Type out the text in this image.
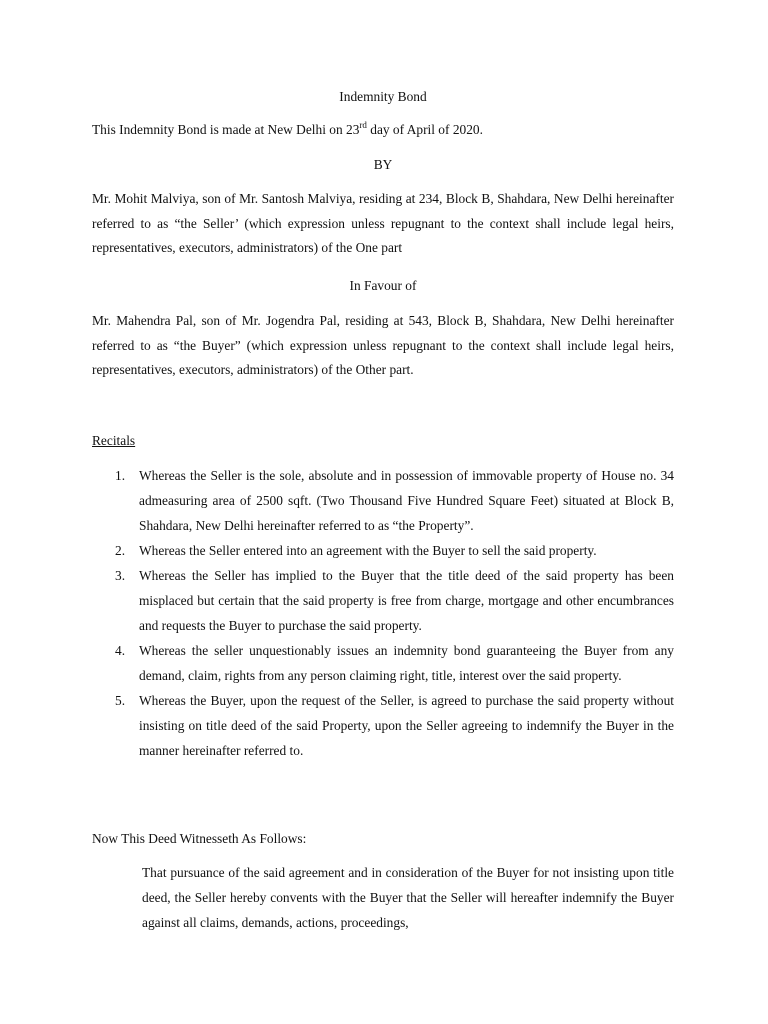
Indemnity Bond
This Indemnity Bond is made at New Delhi on 23rd day of April of 2020.
BY
Mr. Mohit Malviya, son of Mr. Santosh Malviya, residing at 234, Block B, Shahdara, New Delhi hereinafter referred to as “the Seller’ (which expression unless repugnant to the context shall include legal heirs, representatives, executors, administrators) of the One part
In Favour of
Mr. Mahendra Pal, son of Mr. Jogendra Pal, residing at 543, Block B, Shahdara, New Delhi hereinafter referred to as “the Buyer” (which expression unless repugnant to the context shall include legal heirs, representatives, executors, administrators) of the Other part.
Recitals
1. Whereas the Seller is the sole, absolute and in possession of immovable property of House no. 34 admeasuring area of 2500 sqft. (Two Thousand Five Hundred Square Feet) situated at Block B, Shahdara, New Delhi hereinafter referred to as “the Property”.
2. Whereas the Seller entered into an agreement with the Buyer to sell the said property.
3. Whereas the Seller has implied to the Buyer that the title deed of the said property has been misplaced but certain that the said property is free from charge, mortgage and other encumbrances and requests the Buyer to purchase the said property.
4. Whereas the seller unquestionably issues an indemnity bond guaranteeing the Buyer from any demand, claim, rights from any person claiming right, title, interest over the said property.
5. Whereas the Buyer, upon the request of the Seller, is agreed to purchase the said property without insisting on title deed of the said Property, upon the Seller agreeing to indemnify the Buyer in the manner hereinafter referred to.
Now This Deed Witnesseth As Follows:
That pursuance of the said agreement and in consideration of the Buyer for not insisting upon title deed, the Seller hereby convents with the Buyer that the Seller will hereafter indemnify the Buyer against all claims, demands, actions, proceedings,
